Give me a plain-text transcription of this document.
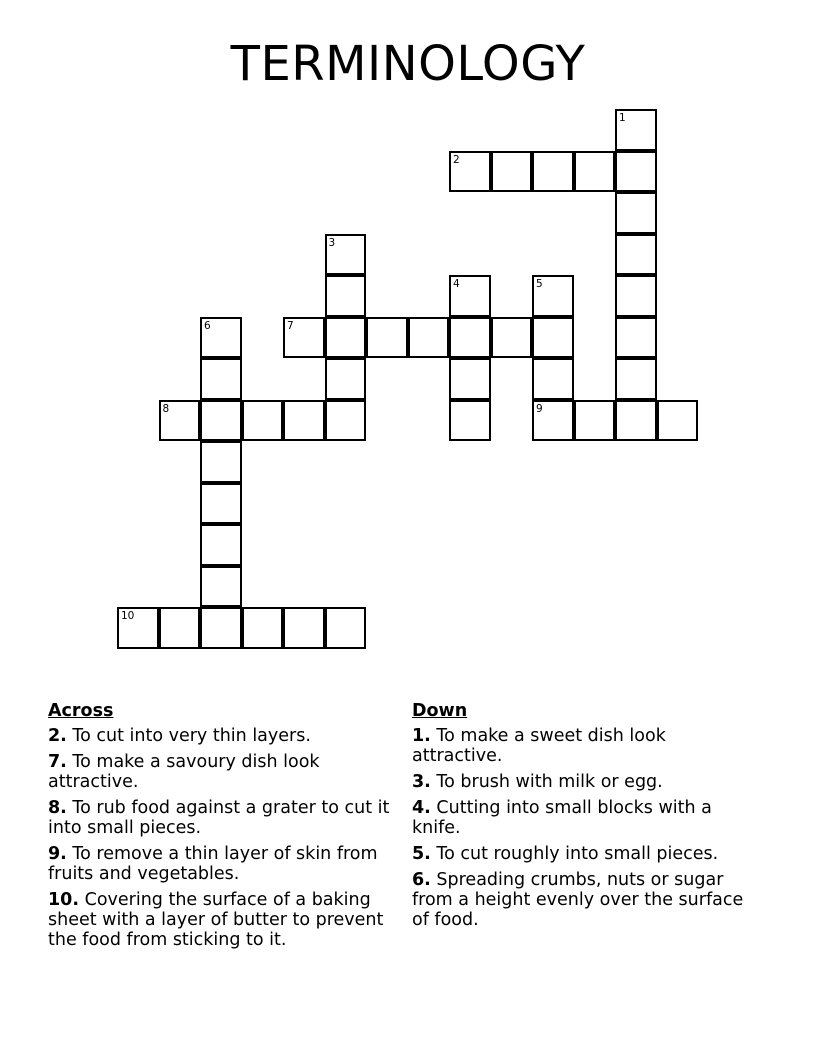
TERMINOLOGY
1
2
3
4	5
9
6	7
8
10
Across
2. To cut into very thin layers.
7. To make a savoury dish look attractive.
8. To rub food against a grater to cut it into small pieces.
9. To remove a thin layer of skin from fruits and vegetables.
10. Covering the surface of a baking sheet with a layer of butter to prevent the food from sticking to it.
Down
1. To make a sweet dish look attractive.
3. To brush with milk or egg.
4. Cutting into small blocks with a knife.
5. To cut roughly into small pieces.
6. Spreading crumbs, nuts or sugar from a height evenly over the surface of food.
